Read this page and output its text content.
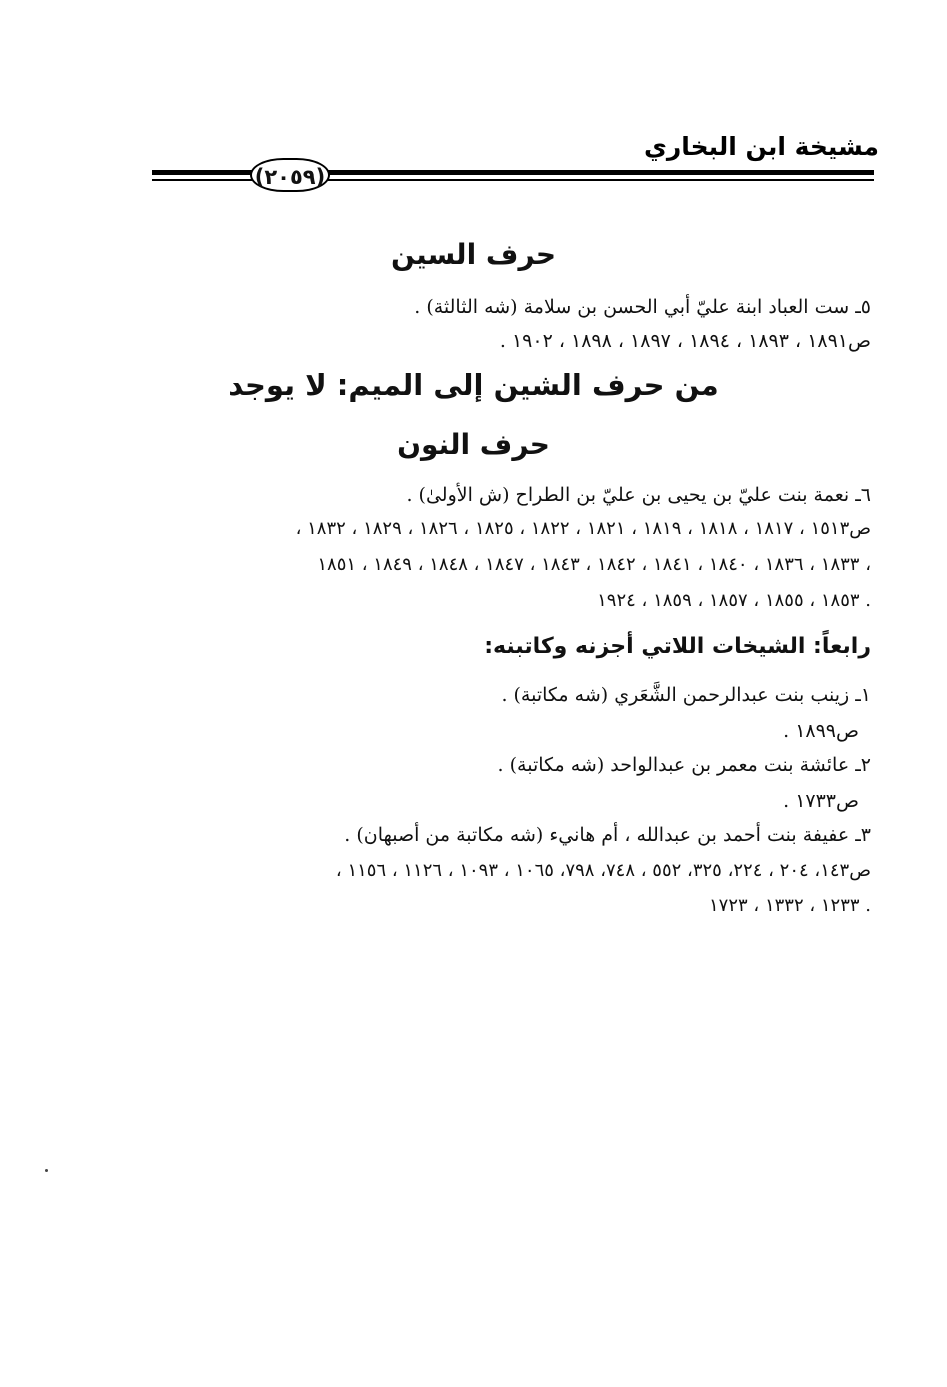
مشيخة ابن البخاري
(٢٠٥٩)
حرف السين
٥ـ ست العباد ابنة عليّ أبي الحسن بن سلامة (شه الثالثة) .
ص١٨٩١ ، ١٨٩٣ ، ١٨٩٤ ، ١٨٩٧ ، ١٨٩٨ ، ١٩٠٢ .
من حرف الشين إلى الميم: لا يوجد
حرف النون
٦ـ نعمة بنت عليّ بن يحيى بن عليّ بن الطراح (ش الأولىٰ) .
ص١٥١٣ ، ١٨١٧ ، ١٨١٨ ، ١٨١٩ ، ١٨٢١ ، ١٨٢٢ ، ١٨٢٥ ، ١٨٢٦ ، ١٨٢٩ ، ١٨٣٢ ،
١٨٣٣ ، ١٨٣٦ ، ١٨٤٠ ، ١٨٤١ ، ١٨٤٢ ، ١٨٤٣ ، ١٨٤٧ ، ١٨٤٨ ، ١٨٤٩ ، ١٨٥١ ،
١٨٥٣ ، ١٨٥٥ ، ١٨٥٧ ، ١٨٥٩ ، ١٩٢٤ .
رابعاً: الشيخات اللاتي أجزنه وكاتبنه:
١ـ زينب بنت عبدالرحمن الشَّعَري (شه مكاتبة) .
ص١٨٩٩ .
٢ـ عائشة بنت معمر بن عبدالواحد (شه مكاتبة) .
ص١٧٣٣ .
٣ـ عفيفة بنت أحمد بن عبدالله ، أم هانيء (شه مكاتبة من أصبهان) .
ص١٤٣، ٢٠٤ ، ٢٢٤، ٣٢٥، ٥٥٢ ، ٧٤٨، ٧٩٨، ١٠٦٥ ، ١٠٩٣ ، ١١٢٦ ، ١١٥٦ ،
١٢٣٣ ، ١٣٣٢ ، ١٧٢٣ .
